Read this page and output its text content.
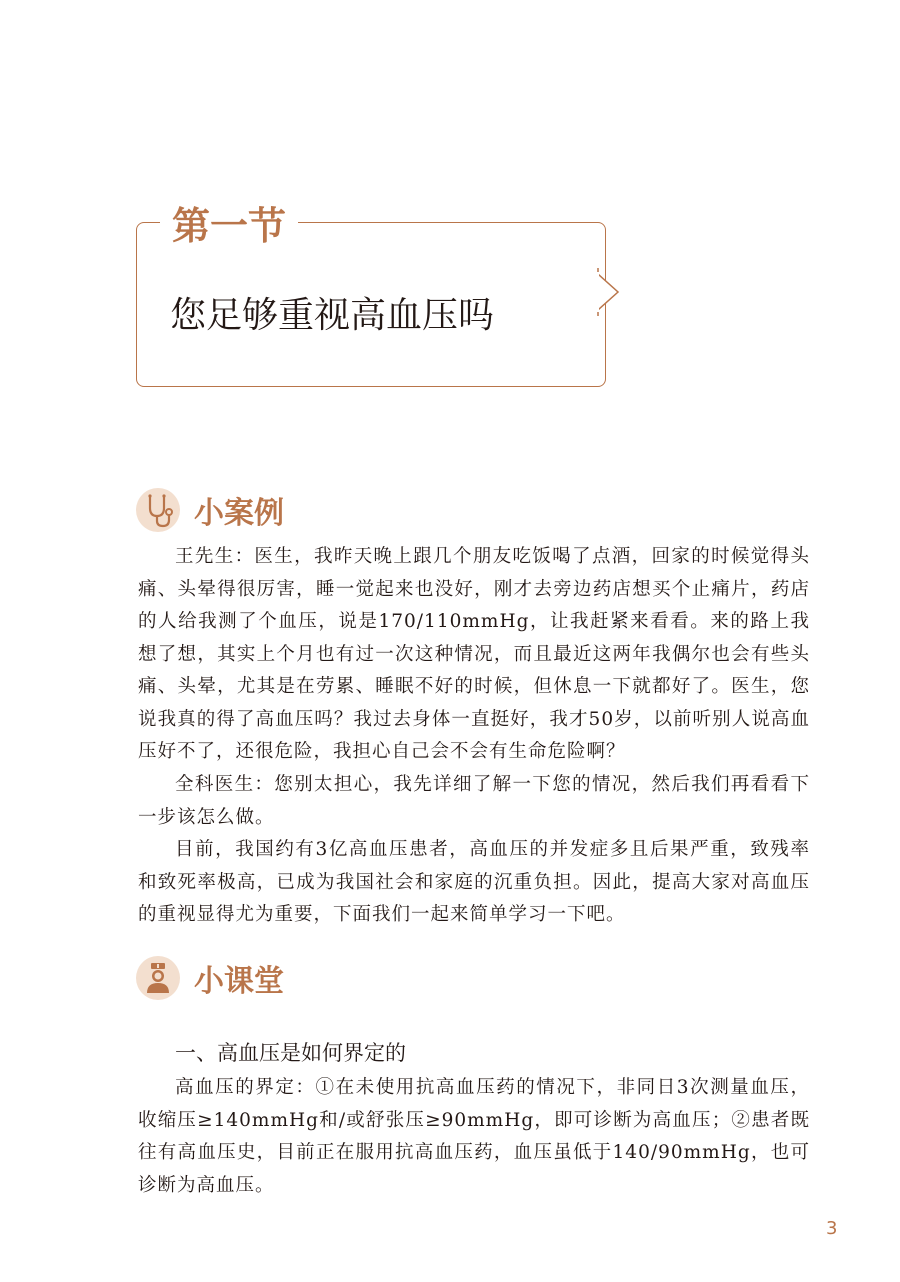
第一节
您足够重视高血压吗
小案例

王先生：医生，我昨天晚上跟几个朋友吃饭喝了点酒，回家的时候觉得头痛、头晕得很厉害，睡一觉起来也没好，刚才去旁边药店想买个止痛片，药店的人给我测了个血压，说是170/110mmHg，让我赶紧来看看。来的路上我想了想，其实上个月也有过一次这种情况，而且最近这两年我偶尔也会有些头痛、头晕，尤其是在劳累、睡眠不好的时候，但休息一下就都好了。医生，您说我真的得了高血压吗？我过去身体一直挺好，我才50岁，以前听别人说高血压好不了，还很危险，我担心自己会不会有生命危险啊？

全科医生：您别太担心，我先详细了解一下您的情况，然后我们再看看下一步该怎么做。

目前，我国约有3亿高血压患者，高血压的并发症多且后果严重，致残率和致死率极高，已成为我国社会和家庭的沉重负担。因此，提高大家对高血压的重视显得尤为重要，下面我们一起来简单学习一下吧。

小课堂
一、高血压是如何界定的

高血压的界定：①在未使用抗高血压药的情况下，非同日3次测量血压，收缩压≥140mmHg和/或舒张压≥90mmHg，即可诊断为高血压；②患者既往有高血压史，目前正在服用抗高血压药，血压虽低于140/90mmHg，也可诊断为高血压。

3
